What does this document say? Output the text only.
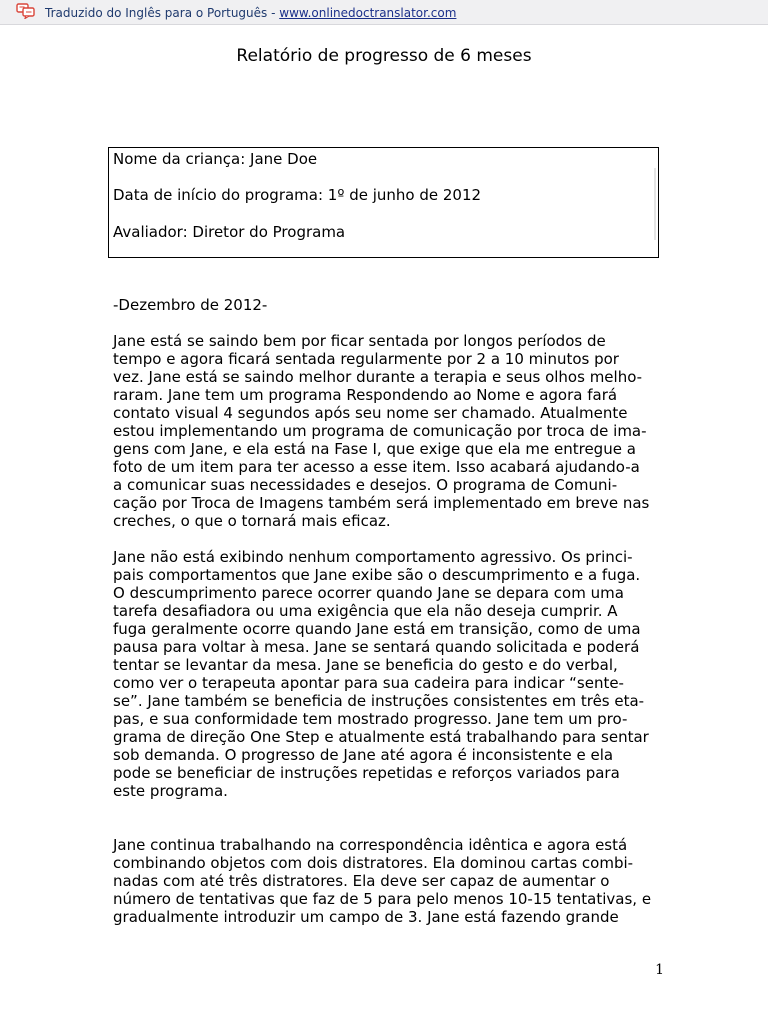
Traduzido do Inglês para o Português - www.onlinedoctranslator.com
Relatório de progresso de 6 meses
Nome da criança: Jane Doe
Data de início do programa: 1º de junho de 2012
Avaliador: Diretor do Programa
-Dezembro de 2012-
Jane está se saindo bem por ficar sentada por longos períodos de
tempo e agora ficará sentada regularmente por 2 a 10 minutos por
vez. Jane está se saindo melhor durante a terapia e seus olhos melho-
raram. Jane tem um programa Respondendo ao Nome e agora fará
contato visual 4 segundos após seu nome ser chamado. Atualmente
estou implementando um programa de comunicação por troca de ima-
gens com Jane, e ela está na Fase I, que exige que ela me entregue a
foto de um item para ter acesso a esse item. Isso acabará ajudando-a
a comunicar suas necessidades e desejos. O programa de Comuni-
cação por Troca de Imagens também será implementado em breve nas
creches, o que o tornará mais eficaz.
Jane não está exibindo nenhum comportamento agressivo. Os princi-
pais comportamentos que Jane exibe são o descumprimento e a fuga.
O descumprimento parece ocorrer quando Jane se depara com uma
tarefa desafiadora ou uma exigência que ela não deseja cumprir. A
fuga geralmente ocorre quando Jane está em transição, como de uma
pausa para voltar à mesa. Jane se sentará quando solicitada e poderá
tentar se levantar da mesa. Jane se beneficia do gesto e do verbal,
como ver o terapeuta apontar para sua cadeira para indicar “sente-
se”. Jane também se beneficia de instruções consistentes em três eta-
pas, e sua conformidade tem mostrado progresso. Jane tem um pro-
grama de direção One Step e atualmente está trabalhando para sentar
sob demanda. O progresso de Jane até agora é inconsistente e ela
pode se beneficiar de instruções repetidas e reforços variados para
este programa.
Jane continua trabalhando na correspondência idêntica e agora está
combinando objetos com dois distratores. Ela dominou cartas combi-
nadas com até três distratores. Ela deve ser capaz de aumentar o
número de tentativas que faz de 5 para pelo menos 10-15 tentativas, e
gradualmente introduzir um campo de 3. Jane está fazendo grande
1
